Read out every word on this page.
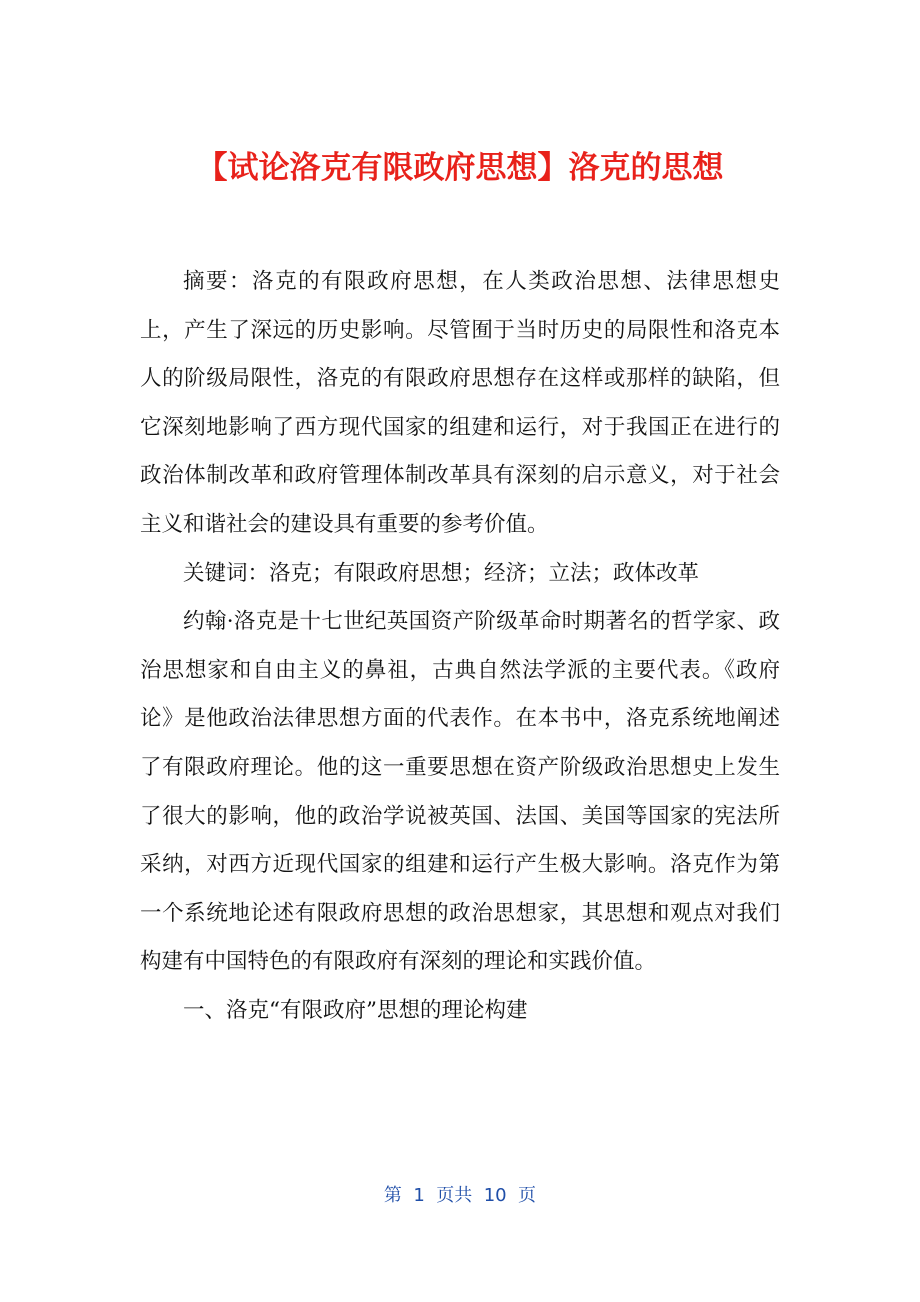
【试论洛克有限政府思想】洛克的思想

摘要：洛克的有限政府思想，在人类政治思想、法律思想史上，产生了深远的历史影响。尽管囿于当时历史的局限性和洛克本人的阶级局限性，洛克的有限政府思想存在这样或那样的缺陷，但它深刻地影响了西方现代国家的组建和运行，对于我国正在进行的政治体制改革和政府管理体制改革具有深刻的启示意义，对于社会主义和谐社会的建设具有重要的参考价值。

关键词：洛克；有限政府思想；经济；立法；政体改革

约翰·洛克是十七世纪英国资产阶级革命时期著名的哲学家、政治思想家和自由主义的鼻祖，古典自然法学派的主要代表。《政府论》是他政治法律思想方面的代表作。在本书中，洛克系统地阐述了有限政府理论。他的这一重要思想在资产阶级政治思想史上发生了很大的影响，他的政治学说被英国、法国、美国等国家的宪法所采纳，对西方近现代国家的组建和运行产生极大影响。洛克作为第一个系统地论述有限政府思想的政治思想家，其思想和观点对我们构建有中国特色的有限政府有深刻的理论和实践价值。

一、洛克“有限政府”思想的理论构建

第  1  页共  10  页
